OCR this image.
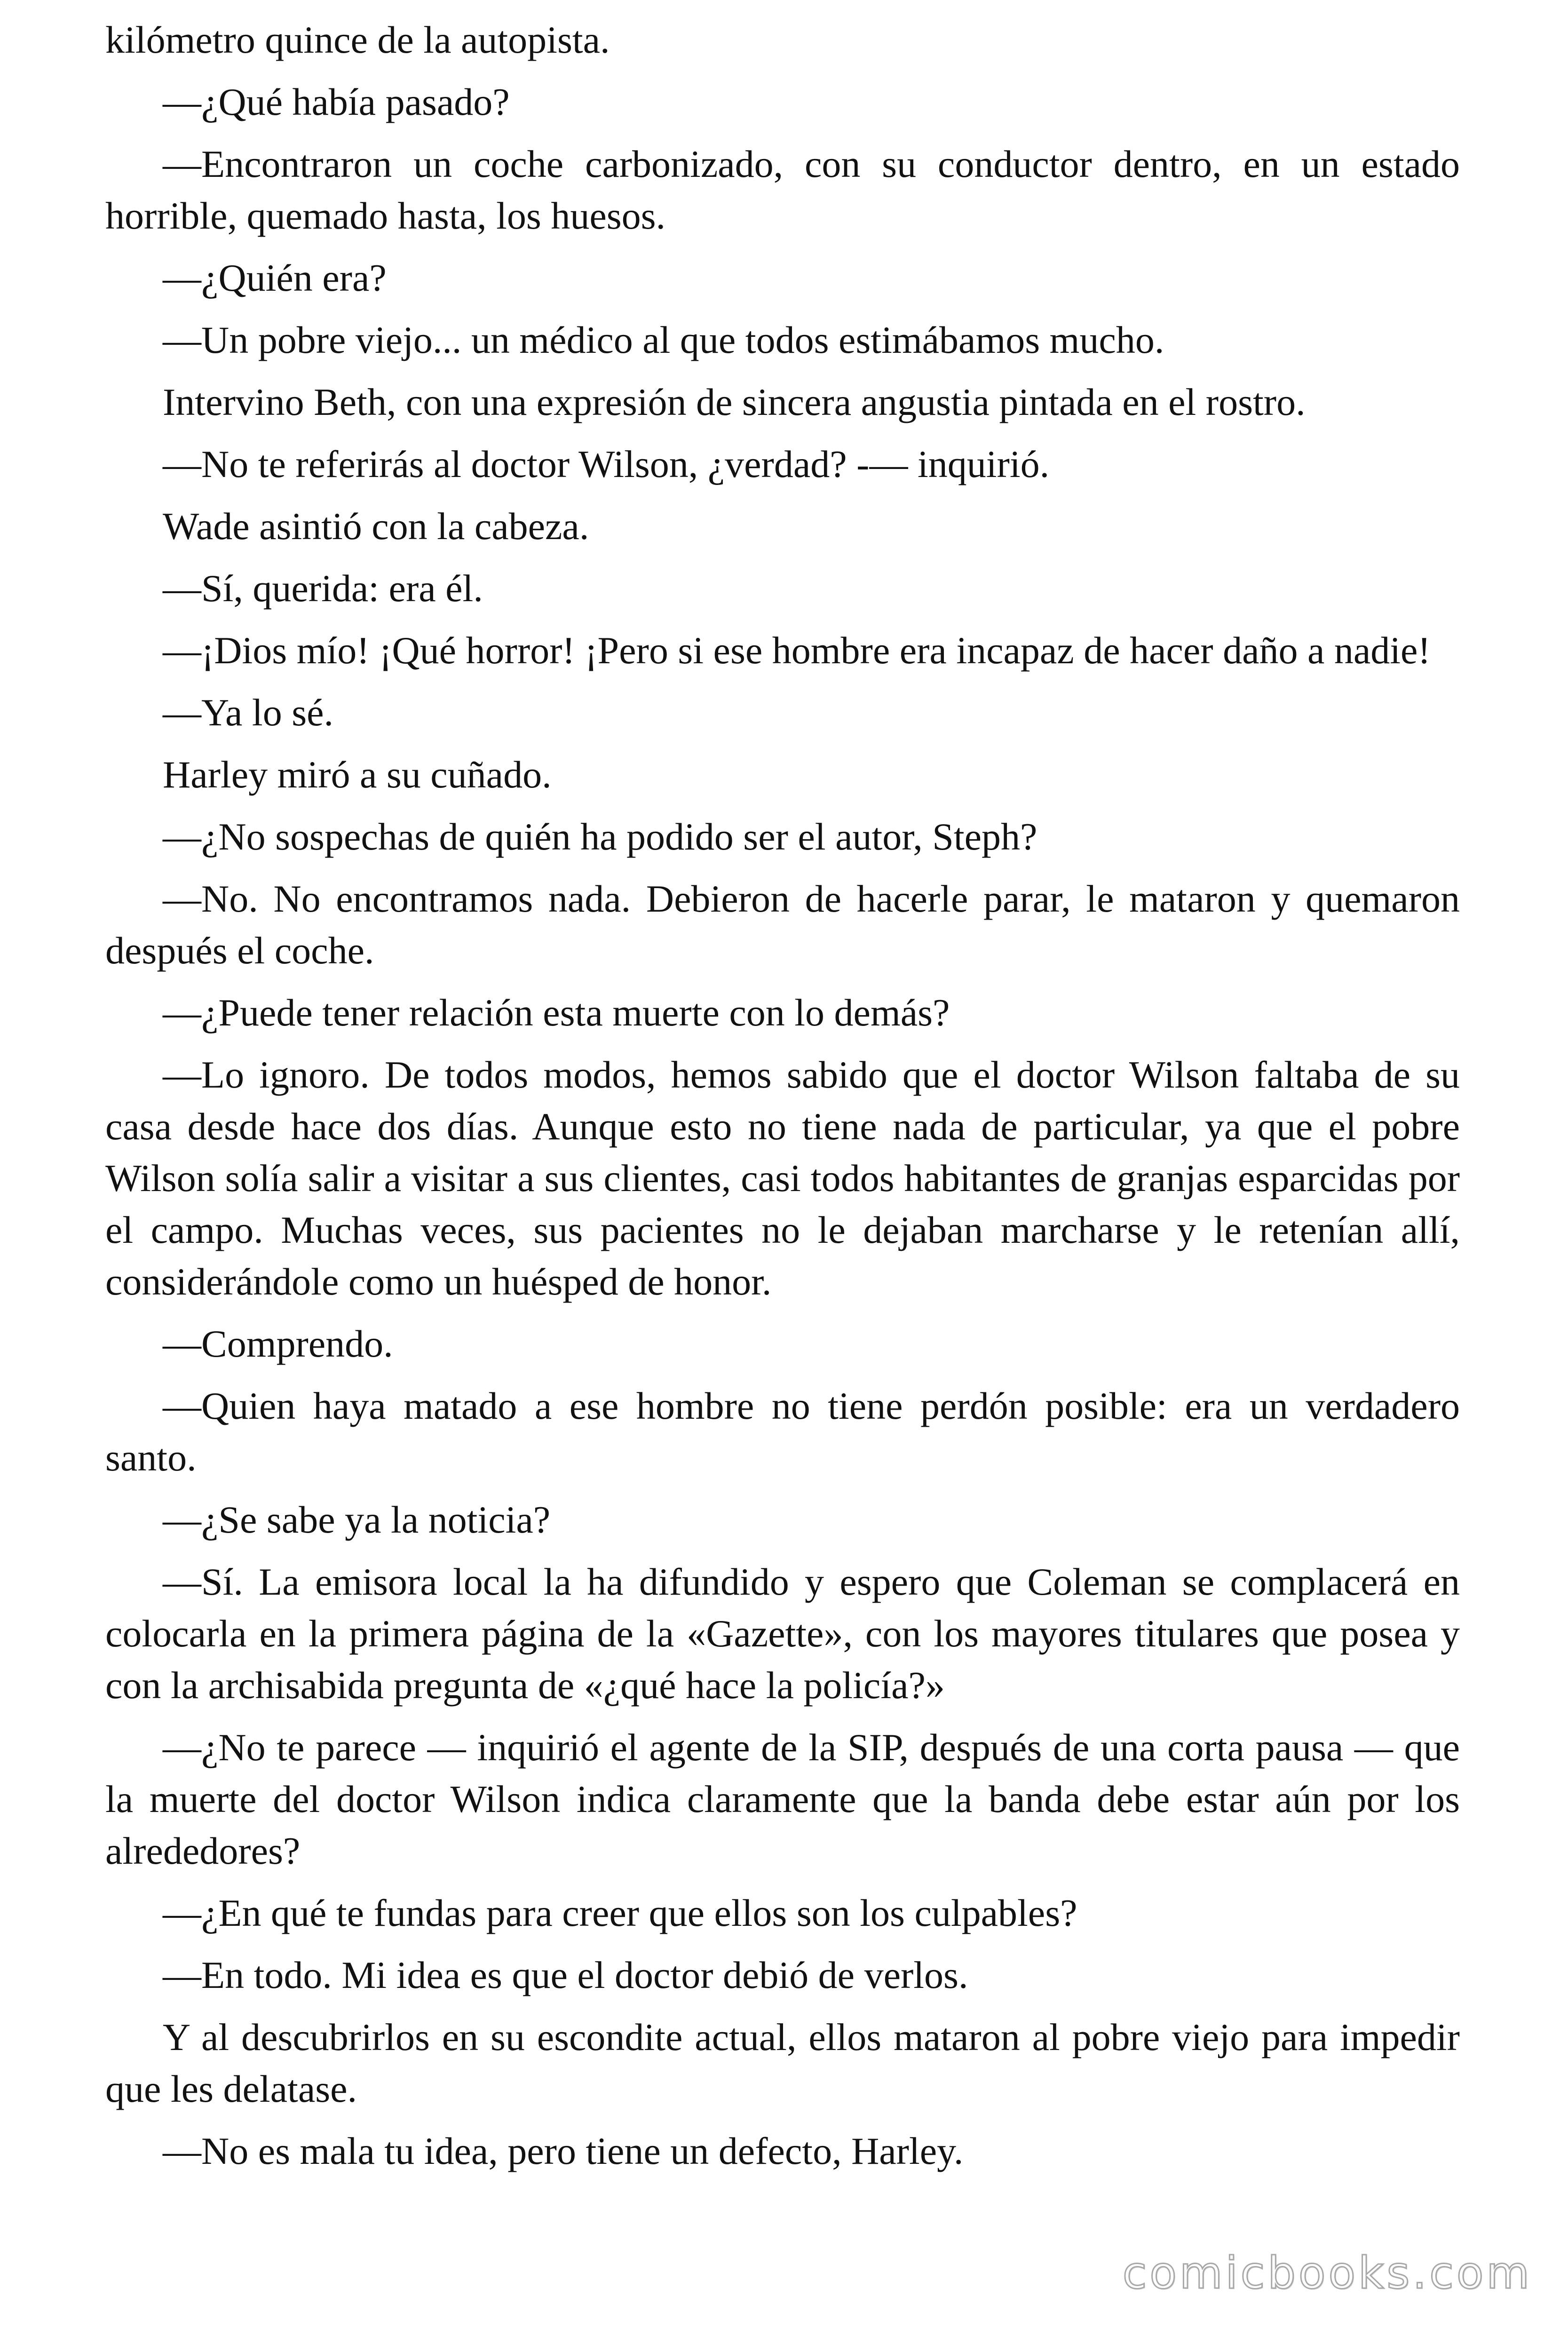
kilómetro quince de la autopista.

—¿Qué había pasado?

—Encontraron un coche carbonizado, con su conductor dentro, en un estado horrible, quemado hasta, los huesos.

—¿Quién era?

—Un pobre viejo... un médico al que todos estimábamos mucho.

Intervino Beth, con una expresión de sincera angustia pintada en el rostro.

—No te referirás al doctor Wilson, ¿verdad? -— inquirió.

Wade asintió con la cabeza.

—Sí, querida: era él.

—¡Dios mío! ¡Qué horror! ¡Pero si ese hombre era incapaz de hacer daño a nadie!

—Ya lo sé.

Harley miró a su cuñado.

—¿No sospechas de quién ha podido ser el autor, Steph?

—No. No encontramos nada. Debieron de hacerle parar, le mataron y quemaron después el coche.

—¿Puede tener relación esta muerte con lo demás?

—Lo ignoro. De todos modos, hemos sabido que el doctor Wilson faltaba de su casa desde hace dos días. Aunque esto no tiene nada de particular, ya que el pobre Wilson solía salir a visitar a sus clientes, casi todos habitantes de granjas esparcidas por el campo. Muchas veces, sus pacientes no le dejaban marcharse y le retenían allí, considerándole como un huésped de honor.

—Comprendo.

—Quien haya matado a ese hombre no tiene perdón posible: era un verdadero santo.

—¿Se sabe ya la noticia?

—Sí. La emisora local la ha difundido y espero que Coleman se complacerá en colocarla en la primera página de la «Gazette», con los mayores titulares que posea y con la archisabida pregunta de «¿qué hace la policía?»

—¿No te parece — inquirió el agente de la SIP, después de una corta pausa — que la muerte del doctor Wilson indica claramente que la banda debe estar aún por los alrededores?

—¿En qué te fundas para creer que ellos son los culpables?

—En todo. Mi idea es que el doctor debió de verlos.

Y al descubrirlos en su escondite actual, ellos mataron al pobre viejo para impedir que les delatase.

—No es mala tu idea, pero tiene un defecto, Harley.

comicbooks.com
